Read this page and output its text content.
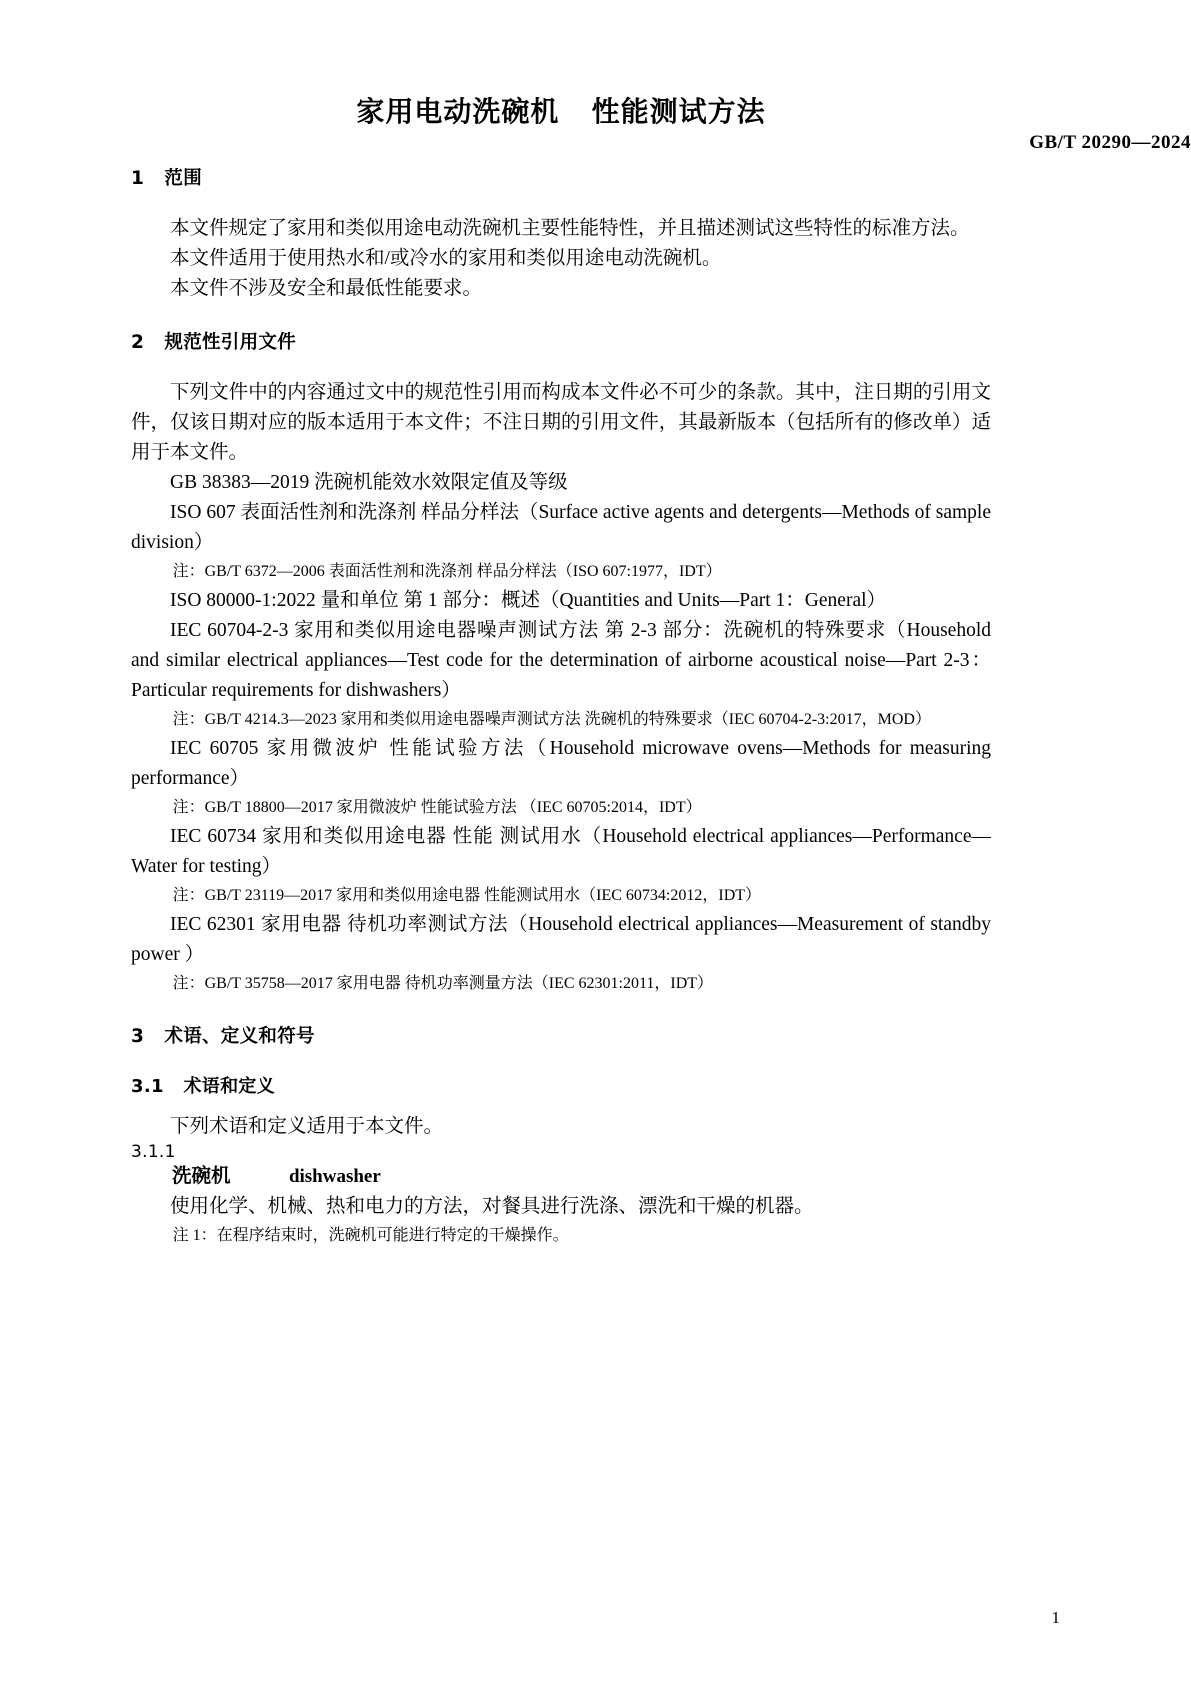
GB/T 20290—2024
家用电动洗碗机   性能测试方法
1   范围
本文件规定了家用和类似用途电动洗碗机主要性能特性，并且描述测试这些特性的标准方法。
本文件适用于使用热水和/或冷水的家用和类似用途电动洗碗机。
本文件不涉及安全和最低性能要求。
2   规范性引用文件
下列文件中的内容通过文中的规范性引用而构成本文件必不可少的条款。其中，注日期的引用文件，仅该日期对应的版本适用于本文件；不注日期的引用文件，其最新版本（包括所有的修改单）适用于本文件。
GB 38383—2019 洗碗机能效水效限定值及等级
ISO 607 表面活性剂和洗涤剂 样品分样法（Surface active agents and detergents—Methods of sample division）
注：GB/T 6372—2006 表面活性剂和洗涤剂 样品分样法（ISO 607:1977，IDT）
ISO 80000-1:2022 量和单位 第 1 部分：概述（Quantities and Units—Part 1：General）
IEC 60704-2-3 家用和类似用途电器噪声测试方法 第 2-3 部分：洗碗机的特殊要求（Household and similar electrical appliances—Test code for the determination of airborne acoustical noise—Part 2-3：Particular requirements for dishwashers）
注：GB/T 4214.3—2023 家用和类似用途电器噪声测试方法 洗碗机的特殊要求（IEC 60704-2-3:2017，MOD）
IEC 60705 家用微波炉 性能试验方法（Household microwave ovens—Methods for measuring performance）
注：GB/T 18800—2017 家用微波炉 性能试验方法 （IEC 60705:2014，IDT）
IEC 60734 家用和类似用途电器 性能 测试用水（Household electrical appliances—Performance—Water for testing）
注：GB/T 23119—2017 家用和类似用途电器 性能测试用水（IEC 60734:2012，IDT）
IEC 62301 家用电器 待机功率测试方法（Household electrical appliances—Measurement of standby power ）
注：GB/T 35758—2017 家用电器 待机功率测量方法（IEC 62301:2011，IDT）
3   术语、定义和符号
3.1   术语和定义
下列术语和定义适用于本文件。
3.1.1
洗碗机			dishwasher
使用化学、机械、热和电力的方法，对餐具进行洗涤、漂洗和干燥的机器。
注 1：在程序结束时，洗碗机可能进行特定的干燥操作。
1
